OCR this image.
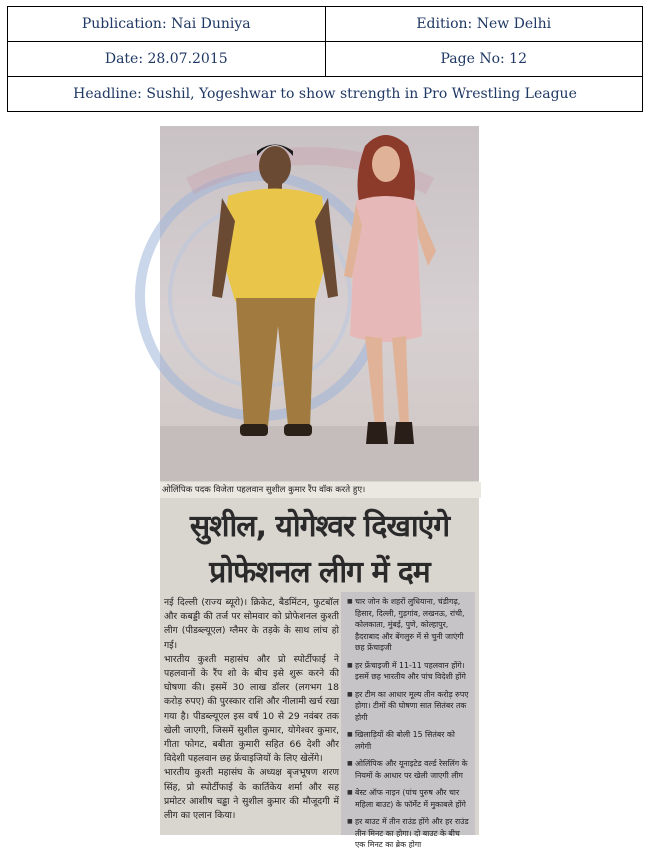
Publication: Nai Duniya	Edition: New Delhi
Date: 28.07.2015	Page No: 12
Headline: Sushil, Yogeshwar to show strength in Pro Wrestling League	
ओलिंपिक पदक विजेता पहलवान सुशील कुमार रैंप वॉक करते हुए।
सुशील, योगेश्वर दिखाएंगे
प्रोफेशनल लीग में दम

नई दिल्ली (राज्य ब्यूरो)। क्रिकेट, बैडमिंटन, फुटबॉल और कबड्डी की तर्ज पर सोमवार को प्रोफेशनल कुश्ती लीग (पीडब्ल्यूएल) ग्लैमर के तड़के के साथ लांच हो गई।

भारतीय कुश्ती महासंघ और प्रो स्पोर्टीफाई ने पहलवानों के रैंप शो के बीच इसे शुरू करने की घोषणा की। इसमें 30 लाख डॉलर (लगभग 18 करोड़ रुपए) की पुरस्कार राशि और नीलामी खर्च रखा गया है। पीडब्ल्यूएल इस वर्ष 10 से 29 नवंबर तक खेली जाएगी, जिसमें सुशील कुमार, योगेश्वर कुमार, गीता फोगट, बबीता कुमारी सहित 66 देशी और विदेशी पहलवान छह फ्रेंचाइजियों के लिए खेलेंगे।

भारतीय कुश्ती महासंघ के अध्यक्ष बृजभूषण शरण सिंह, प्रो स्पोर्टीफाई के कार्तिकेय शर्मा और सह प्रमोटर आशीष चड्ढा ने सुशील कुमार की मौजूदगी में लीग का एलान किया।

■ चार जोन के शहरों लुधियाना, चंडीगढ़, हिसार, दिल्ली, गुड़गांव, लखनऊ, रांची, कोलकाता, मुंबई, पुणे, कोल्हापुर, हैदराबाद और बेंगलुरु में से चुनी जाएंगी छह फ्रेंचाइजी
■ हर फ्रेंचाइजी में 11-11 पहलवान होंगे। इसमें छह भारतीय और पांच विदेशी होंगे
■ हर टीम का आधार मूल्य तीन करोड़ रुपए होगा। टीमों की घोषणा सात सितंबर तक होगी
■ खिलाड़ियों की बोली 15 सितंबर को लगेगी
■ ओलिंपिक और यूनाइटेड वर्ल्ड रेसलिंग के नियमों के आधार पर खेली जाएगी लीग
■ बेस्ट ऑफ नाइन (पांच पुरुष और चार महिला बाउट) के फॉर्मेट में मुकाबले होंगे
■ हर बाउट में तीन राउंड होंगे और हर राउंड तीन मिनट का होगा। दो बाउट के बीच एक मिनट का ब्रेक होगा
